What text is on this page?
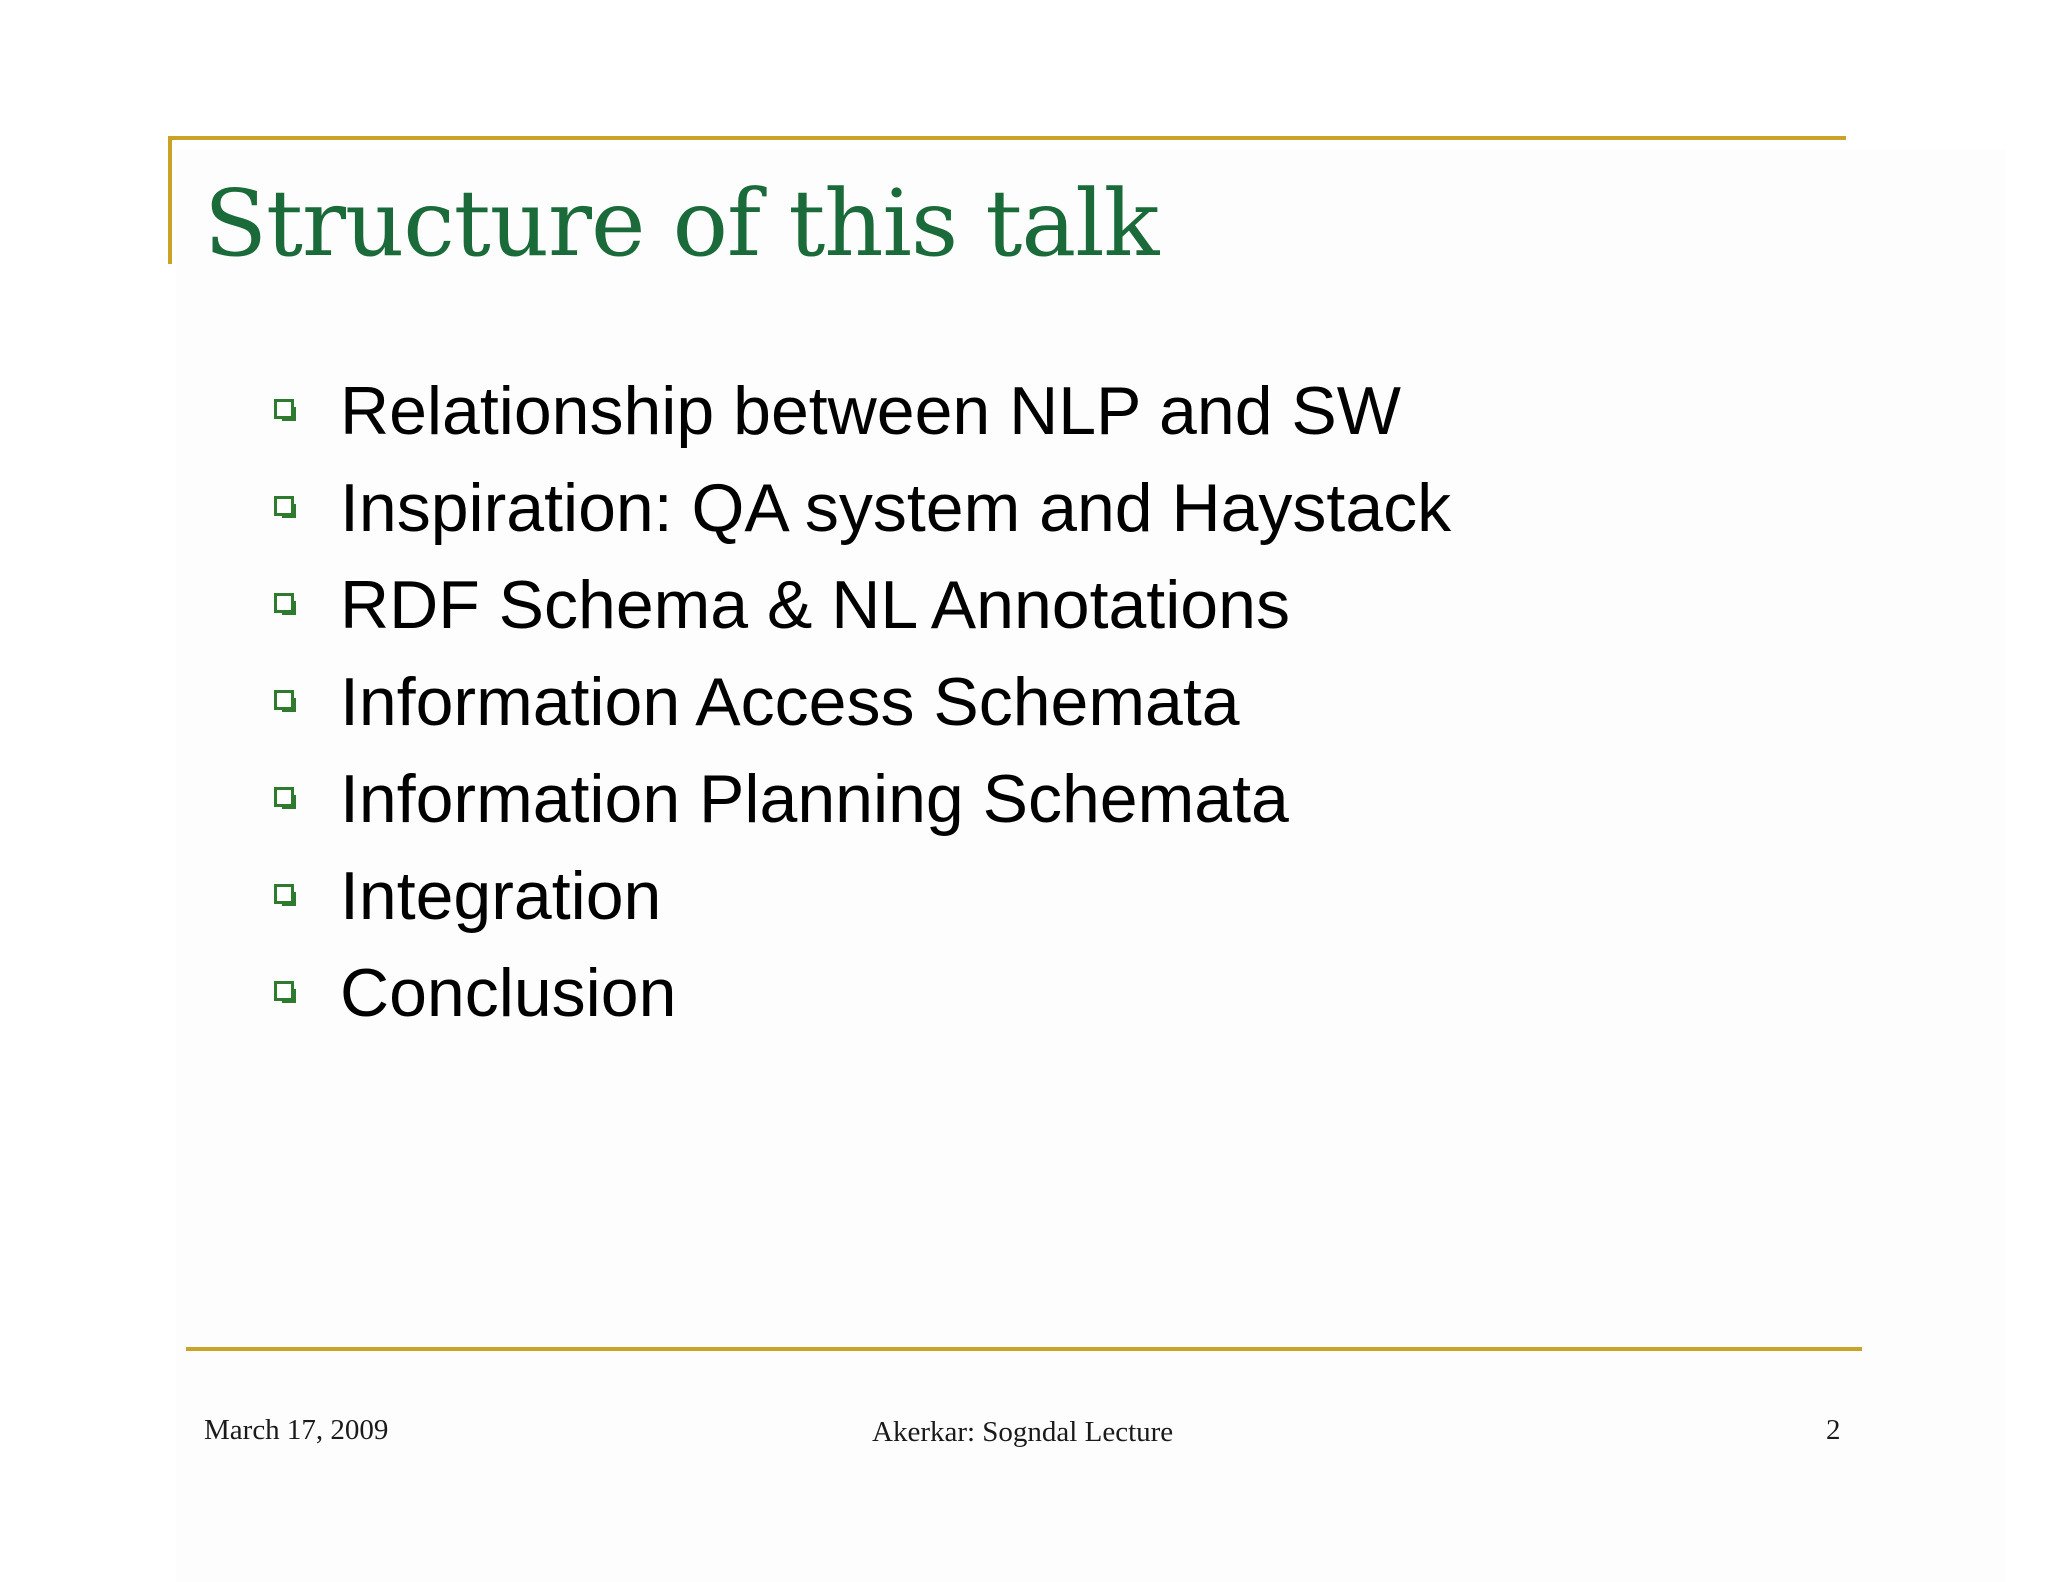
Structure of this talk
Relationship between NLP and SW
Inspiration: QA system and Haystack
RDF Schema & NL Annotations
Information Access Schemata
Information Planning Schemata
Integration
Conclusion
March 17, 2009	Akerkar: Sogndal Lecture	2
